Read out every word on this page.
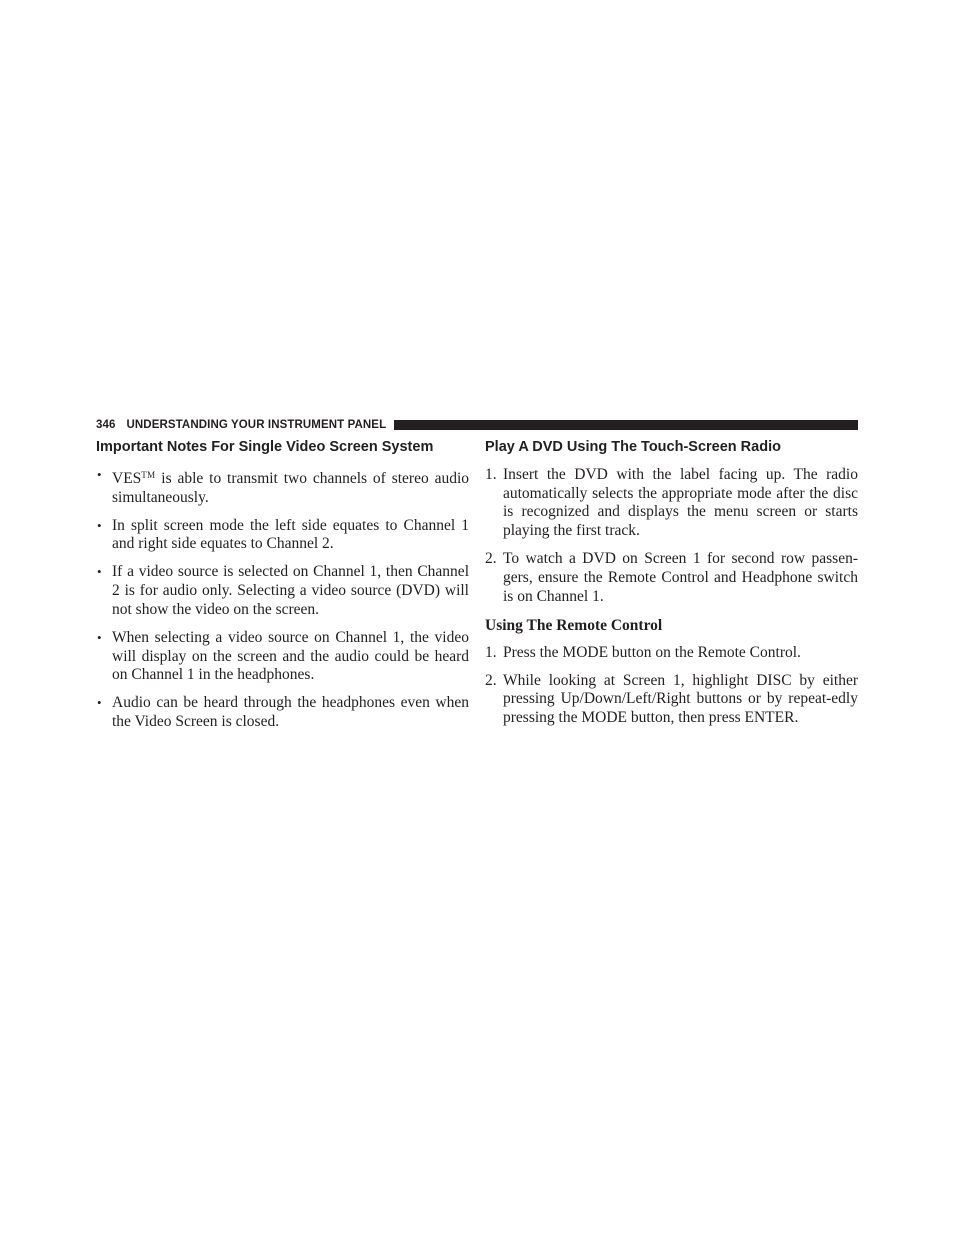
346 UNDERSTANDING YOUR INSTRUMENT PANEL
Important Notes For Single Video Screen System
• VES™ is able to transmit two channels of stereo audio simultaneously.
• In split screen mode the left side equates to Channel 1 and right side equates to Channel 2.
• If a video source is selected on Channel 1, then Channel 2 is for audio only. Selecting a video source (DVD) will not show the video on the screen.
• When selecting a video source on Channel 1, the video will display on the screen and the audio could be heard on Channel 1 in the headphones.
• Audio can be heard through the headphones even when the Video Screen is closed.
Play A DVD Using The Touch-Screen Radio
1. Insert the DVD with the label facing up. The radio automatically selects the appropriate mode after the disc is recognized and displays the menu screen or starts playing the first track.
2. To watch a DVD on Screen 1 for second row passen-gers, ensure the Remote Control and Headphone switch is on Channel 1.
Using The Remote Control
1. Press the MODE button on the Remote Control.
2. While looking at Screen 1, highlight DISC by either pressing Up/Down/Left/Right buttons or by repeat-edly pressing the MODE button, then press ENTER.
